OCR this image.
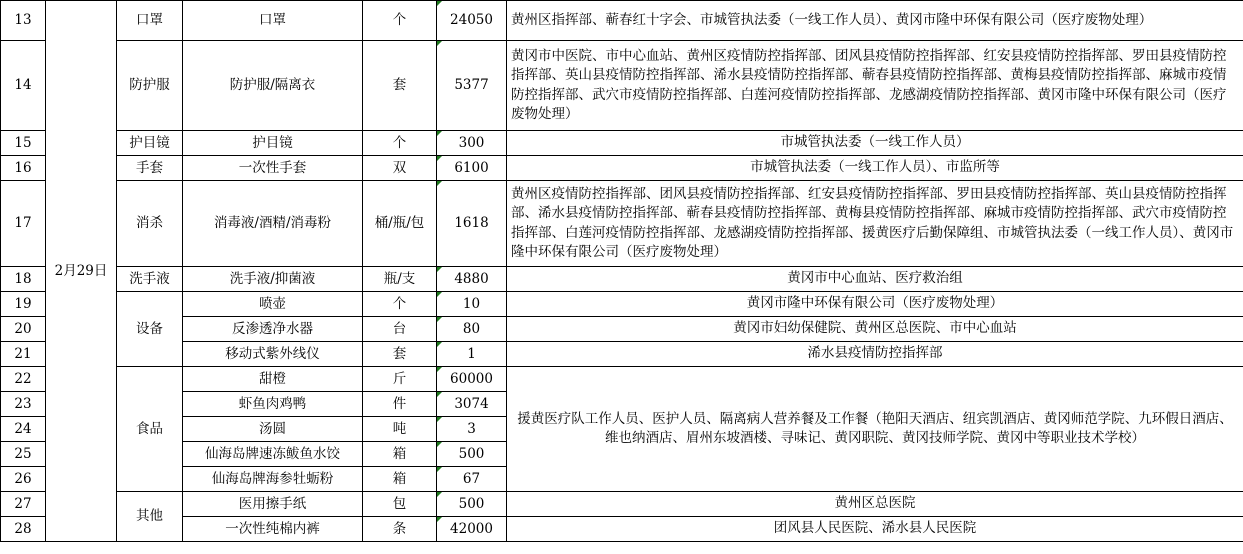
13	2月29日	口罩	口罩	个	24050	黄州区指挥部、蕲春红十字会、市城管执法委（一线工作人员）、黄冈市隆中环保有限公司（医疗废物处理）
14		防护服	防护服/隔离衣	套	5377	黄冈市中医院、市中心血站、黄州区疫情防控指挥部、团风县疫情防控指挥部、红安县疫情防控指挥部、罗田县疫情防控指挥部、英山县疫情防控指挥部、浠水县疫情防控指挥部、蕲春县疫情防控指挥部、黄梅县疫情防控指挥部、麻城市疫情防控指挥部、武穴市疫情防控指挥部、白莲河疫情防控指挥部、龙感湖疫情防控指挥部、黄冈市隆中环保有限公司（医疗废物处理）
15		护目镜	护目镜	个	300	市城管执法委（一线工作人员）
16		手套	一次性手套	双	6100	市城管执法委（一线工作人员）、市监所等
17		消杀	消毒液/酒精/消毒粉	桶/瓶/包	1618	黄州区疫情防控指挥部、团风县疫情防控指挥部、红安县疫情防控指挥部、罗田县疫情防控指挥部、英山县疫情防控指挥部、浠水县疫情防控指挥部、蕲春县疫情防控指挥部、黄梅县疫情防控指挥部、麻城市疫情防控指挥部、武穴市疫情防控指挥部、白莲河疫情防控指挥部、龙感湖疫情防控指挥部、援黄医疗后勤保障组、市城管执法委（一线工作人员）、黄冈市隆中环保有限公司（医疗废物处理）
18		洗手液	洗手液/抑菌液	瓶/支	4880	黄冈市中心血站、医疗救治组
19		设备	喷壶	个	10	黄冈市隆中环保有限公司（医疗废物处理）
20			反渗透净水器	台	80	黄冈市妇幼保健院、黄州区总医院、市中心血站
21			移动式紫外线仪	套	1	浠水县疫情防控指挥部
22		食品	甜橙	斤	60000	援黄医疗队工作人员、医护人员、隔离病人营养餐及工作餐（艳阳天酒店、纽宾凯酒店、黄冈师范学院、九环假日酒店、维也纳酒店、眉州东坡酒楼、寻味记、黄冈职院、黄冈技师学院、黄冈中等职业技术学校）
23			虾鱼肉鸡鸭	件	3074	
24			汤圆	吨	3	
25			仙海岛牌速冻鲅鱼水饺	箱	500	
26			仙海岛牌海参牡蛎粉	箱	67	
27		其他	医用擦手纸	包	500	黄州区总医院
28			一次性纯棉内裤	条	42000	团风县人民医院、浠水县人民医院
